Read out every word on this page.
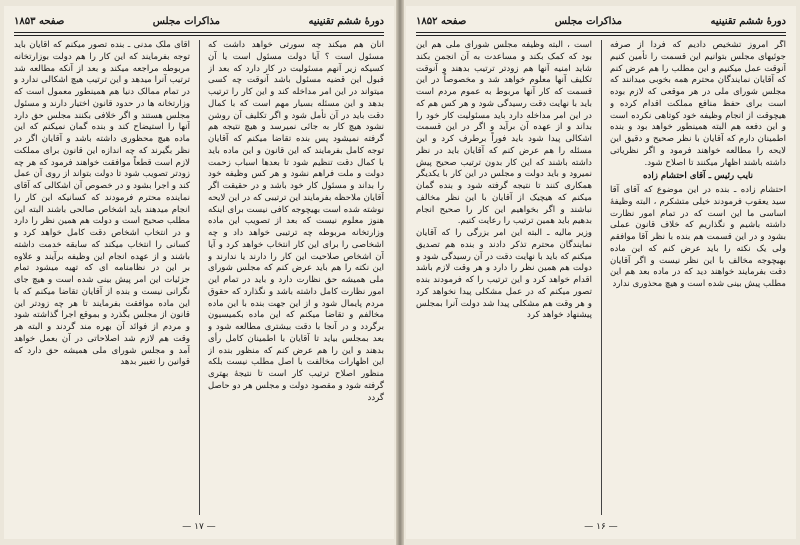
دورهٔ ششم تقنینیه
مذاکرات مجلس
صفحه ۱۸۵۳

آنان هم میکند چه سورتی خواهد داشت که مسئول است ؟ آیا دولت مسئول است یا آن کسیکه زیر آنهم مسئولیت در کار دارد که بعد از قبول این قضیه مسئول باشد آنوقت چه کسی میتواند در این امر مداخله کند و این کار را ترتیب بدهد و این مسئله بسیار مهم است که با کمال دقت باید در آن تأمل شود و اگر تکلیف آن روشن نشود هیچ کار به جائی نمیرسد و هیچ نتیجه هم گرفته نمیشود پس بنده تقاضا میکنم که آقایان توجه کامل بفرمایند که این قانون و این ماده باید با کمال دقت تنظیم شود تا بعدها اسباب زحمت دولت و ملت فراهم نشود و هر کس وظیفه خود را بداند و مسئول کار خود باشد و در حقیقت اگر آقایان ملاحظه بفرمایند این ترتیبی که در این لایحه نوشته شده است بهیچوجه کافی نیست برای اینکه هنوز معلوم نیست که بعد از تصویب این ماده وزارتخانه مربوطه چه ترتیبی خواهد داد و چه اشخاصی را برای این کار انتخاب خواهد کرد و آیا آن اشخاص صلاحیت این کار را دارند یا ندارند و این نکته را هم باید عرض کنم که مجلس شورای ملی همیشه حق نظارت دارد و باید در تمام این امور نظارت کامل داشته باشد و نگذارد که حقوق مردم پایمال شود و از این جهت بنده با این ماده مخالفم و تقاضا میکنم که این ماده بکمیسیون برگردد و در آنجا با دقت بیشتری مطالعه شود و بعد بمجلس بیاید تا آقایان با اطمینان کامل رأی بدهند و این را هم عرض کنم که منظور بنده از این اظهارات مخالفت با اصل مطلب نیست بلکه منظور اصلاح ترتیب کار است تا نتیجهٔ بهتری گرفته شود و مقصود دولت و مجلس هر دو حاصل گردد

آقای ملک مدنی ـ بنده تصور میکنم که آقایان باید توجه بفرمایند که این کار را هم دولت بوزارتخانه مربوطه مراجعه میکند و بعد از آنکه مطالعه شد ترتیب آنرا میدهد و این ترتیب هیچ اشکالی ندارد و در تمام ممالک دنیا هم همینطور معمول است که وزارتخانه ها در حدود قانون اختیار دارند و مسئول مجلس هستند و اگر خلافی بکنند مجلس حق دارد آنها را استیضاح کند و بنده گمان نمیکنم که این ماده هیچ محظوری داشته باشد و آقایان اگر در نظر بگیرند که چه اندازه این قانون برای مملکت لازم است قطعاً موافقت خواهند فرمود که هر چه زودتر تصویب شود تا دولت بتواند از روی آن عمل کند و اجرا بشود و در خصوص آن اشکالی که آقای نماینده محترم فرمودند که کسانیکه این کار را انجام میدهند باید اشخاص صالحی باشند البته این مطلب صحیح است و دولت هم همین نظر را دارد و در انتخاب اشخاص دقت کامل خواهد کرد و کسانی را انتخاب میکند که سابقه خدمت داشته باشند و از عهده انجام این وظیفه برآیند و علاوه بر این در نظامنامه ای که تهیه میشود تمام جزئیات این امر پیش بینی شده است و هیچ جای نگرانی نیست و بنده از آقایان تقاضا میکنم که با این ماده موافقت بفرمایند تا هر چه زودتر این قانون از مجلس بگذرد و بموقع اجرا گذاشته شود و مردم از فوائد آن بهره مند گردند و البته هر وقت هم لازم شد اصلاحاتی در آن بعمل خواهد آمد و مجلس شورای ملی همیشه حق دارد که قوانین را تغییر بدهد

— ۱۷ —
دورهٔ ششم تقنینیه
مذاکرات مجلس
صفحه ۱۸۵۲

اگر امروز تشخیص دادیم که فردا از صرفه جوئیهای مجلس بتوانیم این قسمت را تأمین کنیم آنوقت عمل میکنیم و این مطلب را هم عرض کنم که آقایان نمایندگان محترم همه بخوبی میدانند که مجلس شورای ملی در هر موقعی که لازم بوده است برای حفظ منافع مملکت اقدام کرده و هیچوقت از انجام وظیفه خود کوتاهی نکرده است و این دفعه هم البته همینطور خواهد بود و بنده اطمینان دارم که آقایان با نظر صحیح و دقیق این لایحه را مطالعه خواهند فرمود و اگر نظریاتی داشته باشند اظهار میکنند تا اصلاح شود.

نایب رئیس ـ آقای احتشام زاده

احتشام زاده ـ بنده در این موضوع که آقای آقا سید یعقوب فرمودند خیلی متشکرم ، البته وظیفهٔ اساسی ما این است که در تمام امور نظارت داشته باشیم و نگذاریم که خلاف قانون عملی بشود و در این قسمت هم بنده با نظر آقا موافقم ولی یک نکته را باید عرض کنم که این ماده بهیچوجه مخالف با این نظر نیست و اگر آقایان دقت بفرمایند خواهند دید که در ماده بعد هم این مطلب پیش بینی شده است و هیچ محذوری ندارد

است ، البته وظیفه مجلس شورای ملی هم این بود که کمک بکند و مساعدت به آن انجمن بکند شاید امنیه آنها هم زودتر ترتیب بدهند و آنوقت تکلیف آنها معلوم خواهد شد و مخصوصاً در این قسمت که کار آنها مربوط به عموم مردم است باید با نهایت دقت رسیدگی شود و هر کس هم که در این امر مداخله دارد باید مسئولیت کار خود را بداند و از عهده آن برآید و اگر در این قسمت اشکالی پیدا شود باید فوراً برطرف کرد و این مسئله را هم عرض کنم که آقایان باید در نظر داشته باشند که این کار بدون ترتیب صحیح پیش نمیرود و باید دولت و مجلس در این کار با یکدیگر همکاری کنند تا نتیجه گرفته شود و بنده گمان میکنم که هیچیک از آقایان با این نظر مخالف نباشند و اگر بخواهیم این کار را صحیح انجام بدهیم باید همین ترتیب را رعایت کنیم.

وزیر مالیه ـ البته این امر بزرگی را که آقایان نمایندگان محترم تذکر دادند و بنده هم تصدیق میکنم که باید با نهایت دقت در آن رسیدگی شود و دولت هم همین نظر را دارد و هر وقت لازم باشد اقدام خواهد کرد و این ترتیب را که فرمودند بنده تصور میکنم که در عمل مشکلی پیدا نخواهد کرد و هر وقت هم مشکلی پیدا شد دولت آنرا بمجلس پیشنهاد خواهد کرد

— ۱۶ —
